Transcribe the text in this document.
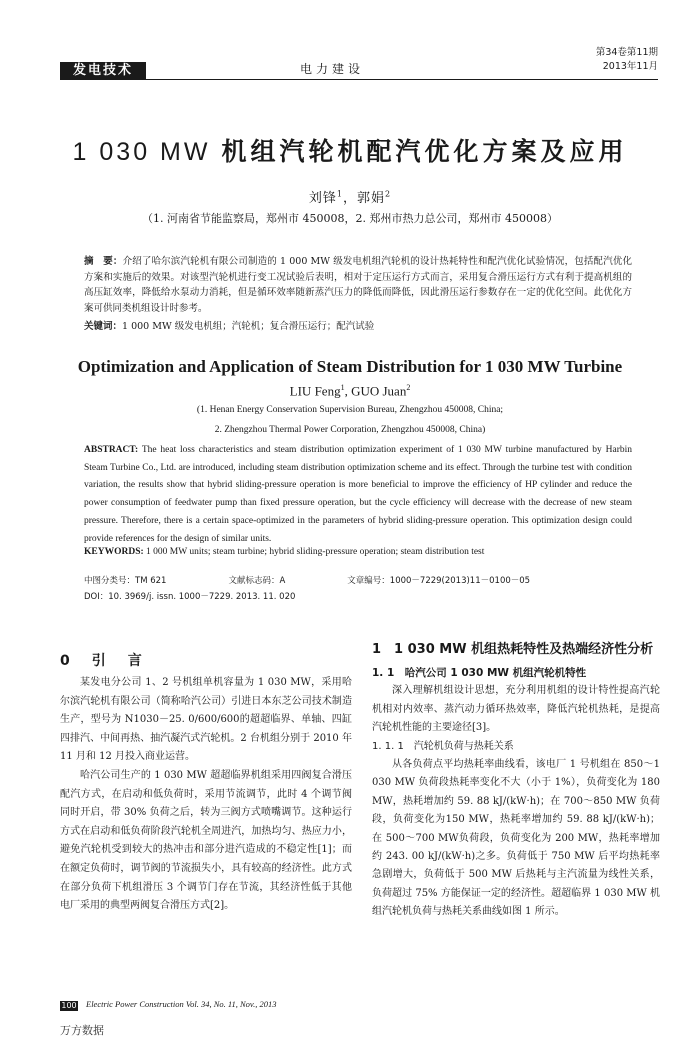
发电技术	电力建设
第34卷第11期
2013年11月
1 030 MW 机组汽轮机配汽优化方案及应用
刘锋$^1$，郭娟$^2$
（1. 河南省节能监察局，郑州市 450008，2. 郑州市热力总公司，郑州市 450008）
摘　要：介绍了哈尔滨汽轮机有限公司制造的 1 000 MW 级发电机组汽轮机的设计热耗特性和配汽优化试验情况，包括配汽优化方案和实施后的效果。对该型汽轮机进行变工况试验后表明，相对于定压运行方式而言，采用复合滑压运行方式有利于提高机组的高压缸效率，降低给水泵动力消耗，但是循环效率随新蒸汽压力的降低而降低，因此滑压运行参数存在一定的优化空间。此优化方案可供同类机组设计时参考。
关键词：1 000 MW 级发电机组；汽轮机；复合滑压运行；配汽试验
Optimization and Application of Steam Distribution for 1 030 MW Turbine
LIU Feng$^1$, GUO Juan$^2$
(1. Henan Energy Conservation Supervision Bureau, Zhengzhou 450008, China;
2. Zhengzhou Thermal Power Corporation, Zhengzhou 450008, China)
ABSTRACT: The heat loss characteristics and steam distribution optimization experiment of 1 030 MW turbine manufactured by Harbin Steam Turbine Co., Ltd. are introduced, including steam distribution optimization scheme and its effect. Through the turbine test with condition variation, the results show that hybrid sliding-pressure operation is more beneficial to improve the efficiency of HP cylinder and reduce the power consumption of feedwater pump than fixed pressure operation, but the cycle efficiency will decrease with the decrease of new steam pressure. Therefore, there is a certain space-optimized in the parameters of hybrid sliding-pressure operation. This optimization design could provide references for the design of similar units.
KEYWORDS: 1 000 MW units; steam turbine; hybrid sliding-pressure operation; steam distribution test
中图分类号：TM 621	文献标志码：A	文章编号：1000－7229(2013)11－0100－05
DOI：10. 3969/j. issn. 1000－7229. 2013. 11. 020
0　引　言

某发电分公司 1、2 号机组单机容量为 1 030 MW，采用哈尔滨汽轮机有限公司（简称哈汽公司）引进日本东芝公司技术制造生产，型号为 N1030－25. 0/600/600的超超临界、单轴、四缸四排汽、中间再热、抽汽凝汽式汽轮机。2 台机组分别于 2010 年 11 月和 12 月投入商业运营。

哈汽公司生产的 1 030 MW 超超临界机组采用四阀复合滑压配汽方式，在启动和低负荷时，采用节流调节，此时 4 个调节阀同时开启，带 30% 负荷之后，转为三阀方式喷嘴调节。这种运行方式在启动和低负荷阶段汽轮机全周进汽，加热均匀、热应力小，避免汽轮机受到较大的热冲击和部分进汽造成的不稳定性[1]；而在额定负荷时，调节阀的节流损失小，具有较高的经济性。此方式在部分负荷下机组滑压 3 个调节门存在节流，其经济性低于其他电厂采用的典型两阀复合滑压方式[2]。

1　1 030 MW 机组热耗特性及热端经济性分析
1. 1　哈汽公司 1 030 MW 机组汽轮机特性

深入理解机组设计思想，充分利用机组的设计特性提高汽轮机相对内效率、蒸汽动力循环热效率，降低汽轮机热耗，是提高汽轮机性能的主要途径[3]。

1. 1. 1　汽轮机负荷与热耗关系

从各负荷点平均热耗率曲线看，该电厂 1 号机组在 850～1 030 MW 负荷段热耗率变化不大（小于 1%），负荷变化为 180 MW，热耗增加约 59. 88 kJ/(kW·h)；在 700～850 MW 负荷段，负荷变化为150 MW，热耗率增加约 59. 88 kJ/(kW·h)；在 500～700 MW负荷段，负荷变化为 200 MW，热耗率增加约 243. 00 kJ/(kW·h)之多。负荷低于 750 MW 后平均热耗率急剧增大，负荷低于 500 MW 后热耗与主汽流量为线性关系，负荷超过 75% 方能保证一定的经济性。超超临界 1 030 MW 机组汽轮机负荷与热耗关系曲线如图 1 所示。

100 Electric Power Construction Vol. 34, No. 11, Nov., 2013
万方数据
